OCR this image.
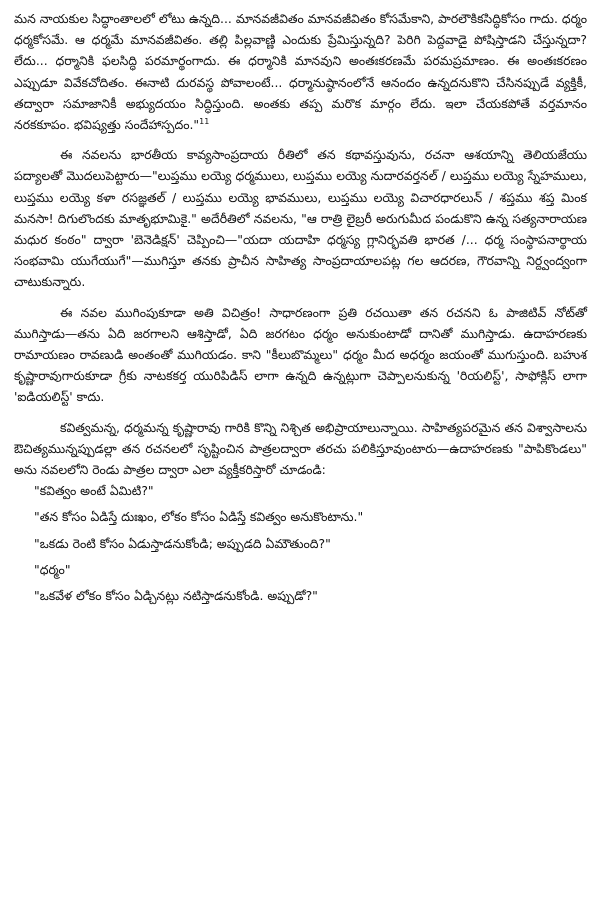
మన నాయకుల సిద్ధాంతాలలో లోటు ఉన్నది... మానవజీవితం మానవజీవితం కోసమేకాని, పారలౌకికసిద్ధికోసం గాదు. ధర్మం ధర్మకోసమే. ఆ ధర్మమే మానవజీవితం. తల్లి పిల్లవాణ్ణి ఎందుకు ప్రేమిస్తున్నది? పెరిగి పెద్దవాడై పోషిస్తాడని చేస్తున్నదా? లేదు... ధర్మానికి ఫలసిద్ధి పరమార్థంగాదు. ఈ ధర్మానికి మానవుని అంతఃకరణమే పరమప్రమాణం. ఈ అంతఃకరణం ఎప్పుడూ వివేకచోదితం. ఈనాటి దురవస్థ పోవాలంటే... ధర్మానుష్ఠానంలోనే ఆనందం ఉన్నదనుకొని చేసినప్పుడే వ్యక్తికీ, తద్వారా సమాజానికీ అభ్యుదయం సిద్ధిస్తుంది. అంతకు తప్ప మరొక మార్గం లేదు. ఇలా చేయకపోతే వర్తమానం నరకకూపం. భవిష్యత్తు సందేహాస్పదం."$^{11}$

ఈ నవలను భారతీయ కావ్యసాంప్రదాయ రీతిలో తన కథావస్తువును, రచనా ఆశయాన్ని తెలియజేయు పద్యాలతో మొదలుపెట్టారు—"లుప్తము లయ్యె ధర్మములు, లుప్తము లయ్యె నుదారవర్తనల్ / లుప్తము లయ్యె స్నేహములు, లుప్తము లయ్యె కళా రసజ్ఞతల్ / లుప్తము లయ్యె భావములు, లుప్తము లయ్యె విచారధారలున్ / శప్తము శప్త మింక మనసా! దిగులొందకు మాతృభూమికై." అదేరీతిలో నవలను, "ఆ రాత్రి లైబ్రరీ అరుగుమీద పండుకొని ఉన్న సత్యనారాయణ మధుర కంఠం" ద్వారా 'బెనెడిక్షన్' చెప్పించి—"యదా యదాహి ధర్మస్య గ్లానిర్భవతి భారత /... ధర్మ సంస్థాపనార్థాయ సంభవామి యుగేయుగే"—ముగిస్తూ తనకు ప్రాచీన సాహిత్య సాంప్రదాయాలపట్ల గల ఆదరణ, గౌరవాన్ని నిర్ద్వంద్వంగా చాటుకున్నారు.

ఈ నవల ముగింపుకూడా అతి విచిత్రం! సాధారణంగా ప్రతి రచయితా తన రచనని ఓ పాజిటివ్ నోట్‌తో ముగిస్తాడు—తను ఏది జరగాలని ఆశిస్తాడో, ఏది జరగటం ధర్మం అనుకుంటాడో దానితో ముగిస్తాడు. ఉదాహరణకు రామాయణం రావణుడి అంతంతో ముగియడం. కాని "కీలుబొమ్మలు" ధర్మం మీద అధర్మం జయంతో ముగుస్తుంది. బహుశ కృష్ణారావుగారుకూడా గ్రీకు నాటకకర్త యురిపిడిస్ లాగా ఉన్నది ఉన్నట్లుగా చెప్పాలనుకున్న 'రియలిస్ట్', సాఫోక్లిస్ లాగా 'ఐడియలిస్ట్' కాదు.

కవిత్వమన్న, ధర్మమన్న కృష్ణారావు గారికి కొన్ని నిశ్చిత అభిప్రాయాలున్నాయి. సాహిత్యపరమైన తన విశ్వాసాలను ఔచిత్యమున్నప్పుడల్లా తన రచనలలో సృష్టించిన పాత్రలద్వారా తరచు పలికిస్తూవుంటారు—ఉదాహరణకు "పాపికొండలు" అను నవలలోని రెండు పాత్రల ద్వారా ఎలా వ్యక్తీకరిస్తారో చూడండి:

"కవిత్వం అంటే ఏమిటి?"

"తన కోసం ఏడిస్తే దుఃఖం, లోకం కోసం ఏడిస్తే కవిత్వం అనుకొంటాను."

"ఒకడు రెంటి కోసం ఏడుస్తాడనుకోండి; అప్పుడది ఏమౌతుంది?"

"ధర్మం"

"ఒకవేళ లోకం కోసం ఏడ్చినట్లు నటిస్తాడనుకోండి. అప్పుడో?"
